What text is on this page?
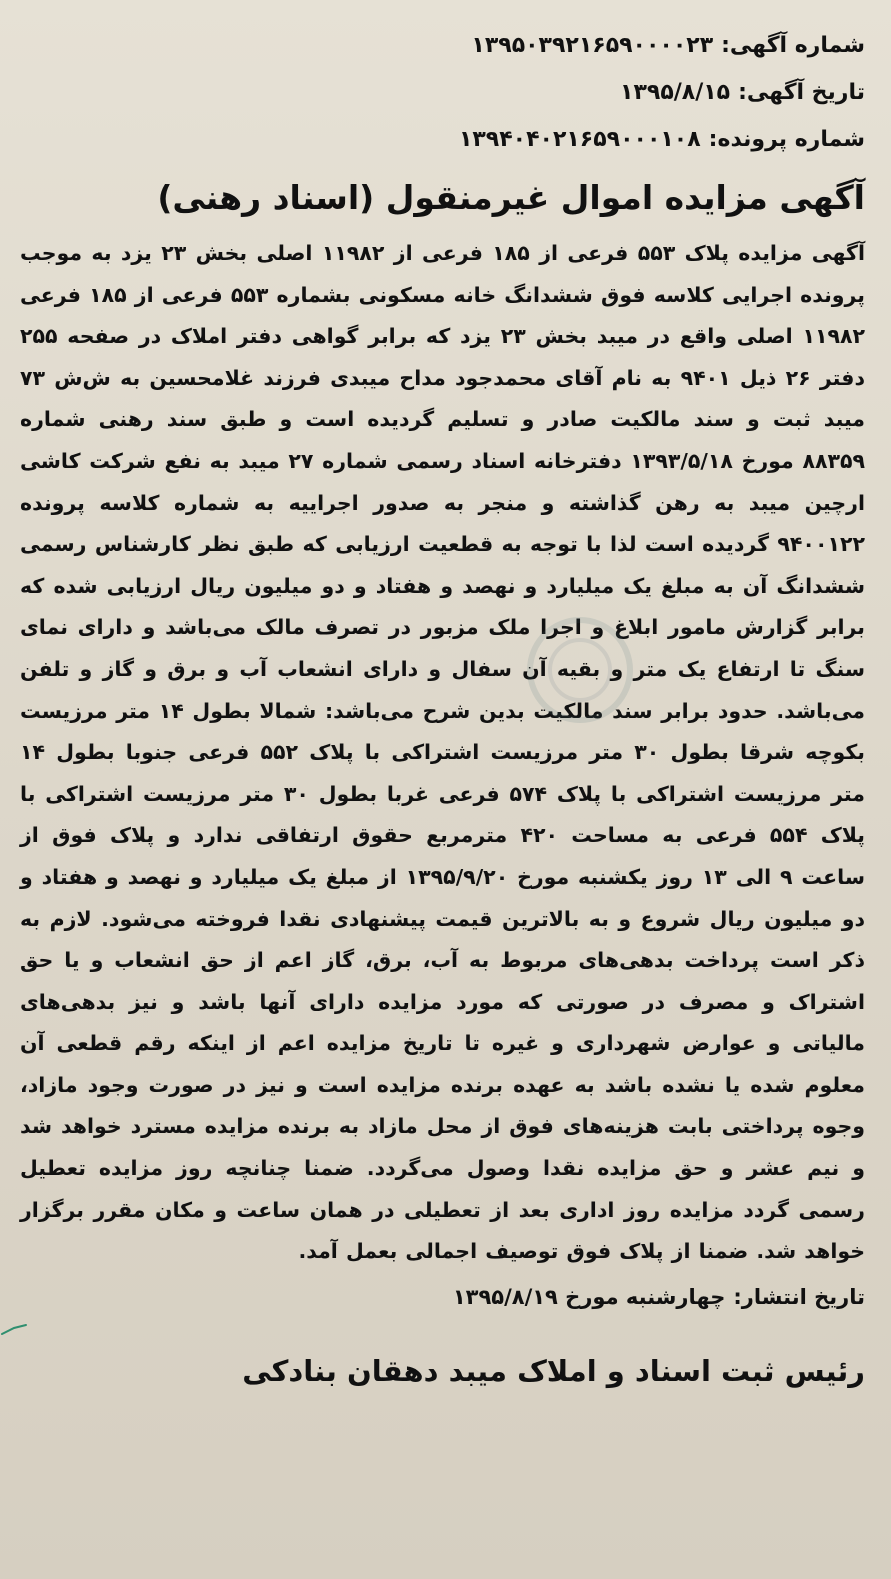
شماره آگهی:۱۳۹۵۰۳۹۲۱۶۵۹۰۰۰۰۲۳
تاریخ آگهی:۱۳۹۵/۸/۱۵
شماره پرونده:۱۳۹۴۰۴۰۲۱۶۵۹۰۰۰۱۰۸
آگهی مزایده اموال غیرمنقول (اسناد رهنی)

آگهی مزایده پلاک ۵۵۳ فرعی از ۱۸۵ فرعی از ۱۱۹۸۲ اصلی بخش ۲۳ یزد به موجب پرونده اجرایی کلاسه فوق ششدانگ خانه مسکونی بشماره ۵۵۳ فرعی از ۱۸۵ فرعی ۱۱۹۸۲ اصلی واقع در میبد بخش ۲۳ یزد که برابر گواهی دفتر املاک در صفحه ۲۵۵ دفتر ۲۶ ذیل ۹۴۰۱ به نام آقای محمدجود مداح میبدی فرزند غلامحسین به ش‌ش ۷۳ میبد ثبت و سند مالکیت صادر و تسلیم گردیده است و طبق سند رهنی شماره ۸۸۳۵۹ مورخ ۱۳۹۳/۵/۱۸ دفترخانه اسناد رسمی شماره ۲۷ میبد به نفع شرکت کاشی ارچین میبد به رهن گذاشته و منجر به صدور اجراییه به شماره کلاسه پرونده ۹۴۰۰۱۲۲ گردیده است لذا با توجه به قطعیت ارزیابی که طبق نظر کارشناس رسمی ششدانگ آن به مبلغ یک میلیارد و نهصد و هفتاد و دو میلیون ریال ارزیابی شده که برابر گزارش مامور ابلاغ و اجرا ملک مزبور در تصرف مالک می‌باشد و دارای نمای سنگ تا ارتفاع یک متر و بقیه آن سفال و دارای انشعاب آب و برق و گاز و تلفن می‌باشد. حدود برابر سند مالکیت بدین شرح می‌باشد: شمالا بطول ۱۴ متر مرزیست بکوچه شرقا بطول ۳۰ متر مرزیست اشتراکی با پلاک ۵۵۲ فرعی جنوبا بطول ۱۴ متر مرزیست اشتراکی با پلاک ۵۷۴ فرعی غربا بطول ۳۰ متر مرزیست اشتراکی با پلاک ۵۵۴ فرعی به مساحت ۴۲۰ مترمربع حقوق ارتفاقی ندارد و پلاک فوق از ساعت ۹ الی ۱۳ روز یکشنبه مورخ ۱۳۹۵/۹/۲۰ از مبلغ یک میلیارد و نهصد و هفتاد و دو میلیون ریال شروع و به بالاترین قیمت پیشنهادی نقدا فروخته می‌شود. لازم به ذکر است پرداخت بدهی‌های مربوط به آب، برق، گاز اعم از حق انشعاب و یا حق اشتراک و مصرف در صورتی که مورد مزایده دارای آنها باشد و نیز بدهی‌های مالیاتی و عوارض شهرداری و غیره تا تاریخ مزایده اعم از اینکه رقم قطعی آن معلوم شده یا نشده باشد به عهده برنده مزایده است و نیز در صورت وجود مازاد، وجوه پرداختی بابت هزینه‌های فوق از محل مازاد به برنده مزایده مسترد خواهد شد و نیم عشر و حق مزایده نقدا وصول می‌گردد. ضمنا چنانچه روز مزایده تعطیل رسمی گردد مزایده روز اداری بعد از تعطیلی در همان ساعت و مکان مقرر برگزار خواهد شد. ضمنا از پلاک فوق توصیف اجمالی بعمل آمد.

تاریخ انتشار:چهارشنبه مورخ ۱۳۹۵/۸/۱۹
رئیس ثبت اسناد و املاک میبد دهقان بنادکی
